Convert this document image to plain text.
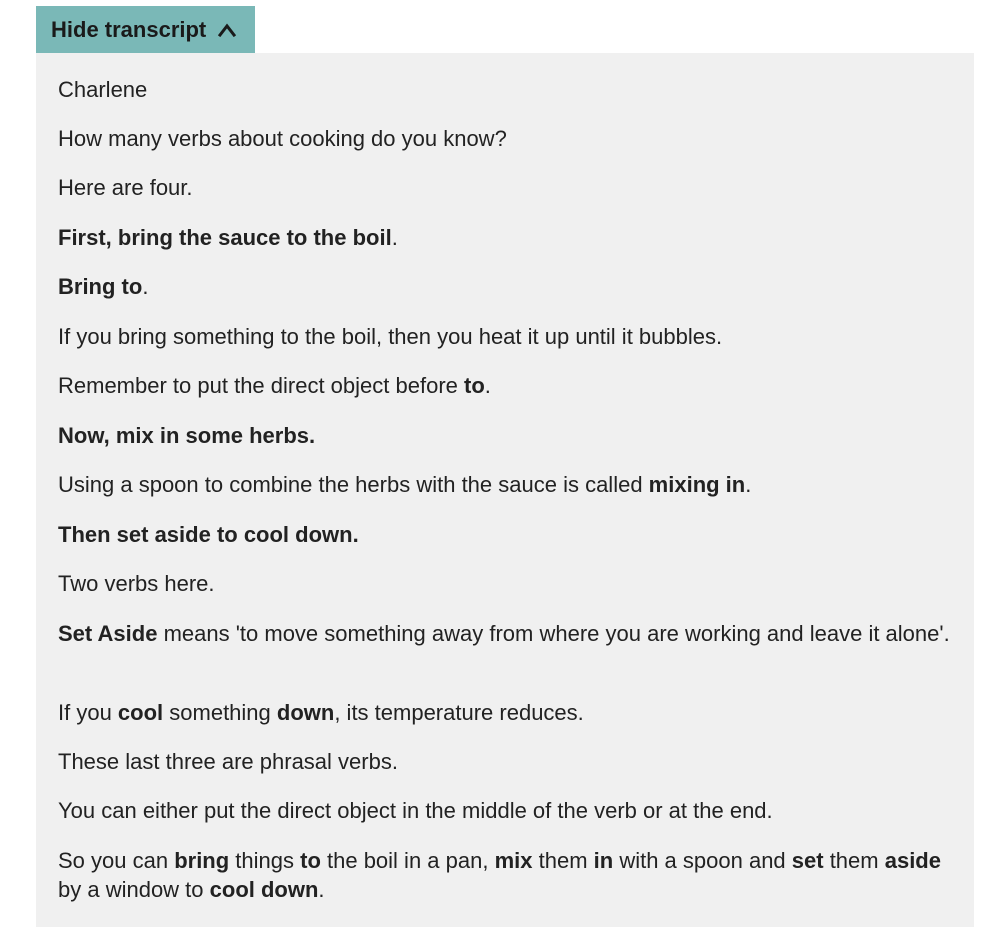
Hide transcript

Charlene

How many verbs about cooking do you know?

Here are four.

First, bring the sauce to the boil.

Bring to.

If you bring something to the boil, then you heat it up until it bubbles.

Remember to put the direct object before to.

Now, mix in some herbs.

Using a spoon to combine the herbs with the sauce is called mixing in.

Then set aside to cool down.

Two verbs here.

Set Aside means 'to move something away from where you are working and leave it alone'.

If you cool something down, its temperature reduces.

These last three are phrasal verbs.

You can either put the direct object in the middle of the verb or at the end.

So you can bring things to the boil in a pan, mix them in with a spoon and set them aside by a window to cool down.
